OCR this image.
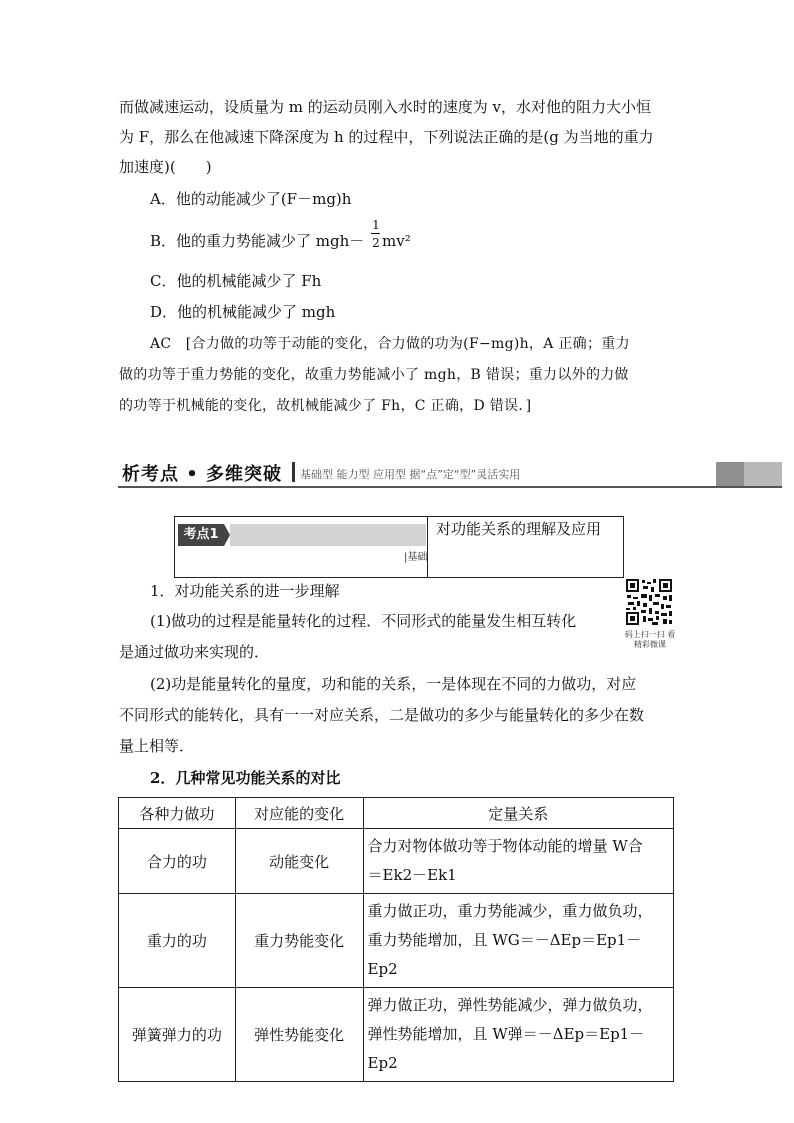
而做减速运动，设质量为 m 的运动员刚入水时的速度为 v，水对他的阻力大小恒
为 F，那么在他减速下降深度为 h 的过程中，下列说法正确的是(g 为当地的重力
加速度)(　　)
A．他的动能减少了(F－mg)h
B．他的重力势能减少了 mgh－
1
2 mv²
C．他的机械能减少了 Fh
D．他的机械能减少了 mgh
AC　[合力做的功等于动能的变化，合力做的功为(F−mg)h，A 正确；重力
做的功等于重力势能的变化，故重力势能减小了 mgh，B 错误；重力以外的力做
的功等于机械能的变化，故机械能减少了 Fh，C 正确，D 错误．]
析考点 • 多维突破 基础型 能力型 应用型 据“点”定“型”灵活实用
考点1
|基础
对功能关系的理解及应用
码上扫一扫 看精彩微课
1．对功能关系的进一步理解
(1)做功的过程是能量转化的过程．不同形式的能量发生相互转化
是通过做功来实现的．
(2)功是能量转化的量度，功和能的关系，一是体现在不同的力做功，对应
不同形式的能转化，具有一一对应关系，二是做功的多少与能量转化的多少在数
量上相等．
2．几种常见功能关系的对比
各种力做功	对应能的变化	定量关系
合力的功	动能变化	合力对物体做功等于物体动能的增量 W合
＝Ek2－Ek1

重力的功	重力势能变化	重力做正功，重力势能减少，重力做负功，
重力势能增加，且 WG＝－ΔEp＝Ep1－Ep2

弹簧弹力的功	弹性势能变化	弹力做正功，弹性势能减少，弹力做负功，
弹性势能增加，且 W弹＝－ΔEp＝Ep1－Ep2
